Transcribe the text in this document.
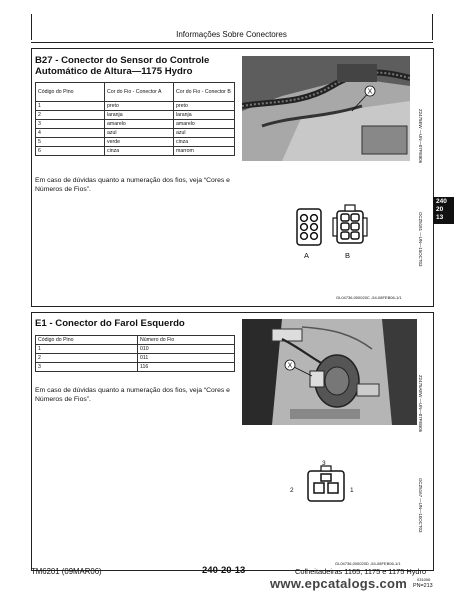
Informações Sobre Conectores
B27 - Conector do Sensor do Controle Automático de Altura—1175 Hydro
Código do Pino	Cor do Fio - Conector A	Cor do Fio - Conector B
1	preto	preto
2	laranja	laranja
3	amarelo	amarelo
4	azul	azul
5	verde	cinza
6	cinza	marrom
Em caso de dúvidas quanto a numeração dos fios, veja “Cores e Números de Fios”.
X
Z2475EW —UN—07FEB06
A	B	OCZ5181 —UN—15OCT03
GL04736,000020C -54-08FEB06-1/1
E1 - Conector do Farol Esquerdo
Código do Pino	Número do Fio
1	010
2	011
3	116
Em caso de dúvidas quanto a numeração dos fios, veja “Cores e Números de Fios”.
X
Z2475AEW —UN—07FEB06
3
2	1	OCZ5167 —UN—10OCT03
GL04736,000020D -54-08FEB06-1/1
240
20
13
TM6201 (09MAR06)	240-20-13	Colheitadeiras 1165, 1175 e 1175 Hydro
031006
www.epcatalogs.com PN=213
